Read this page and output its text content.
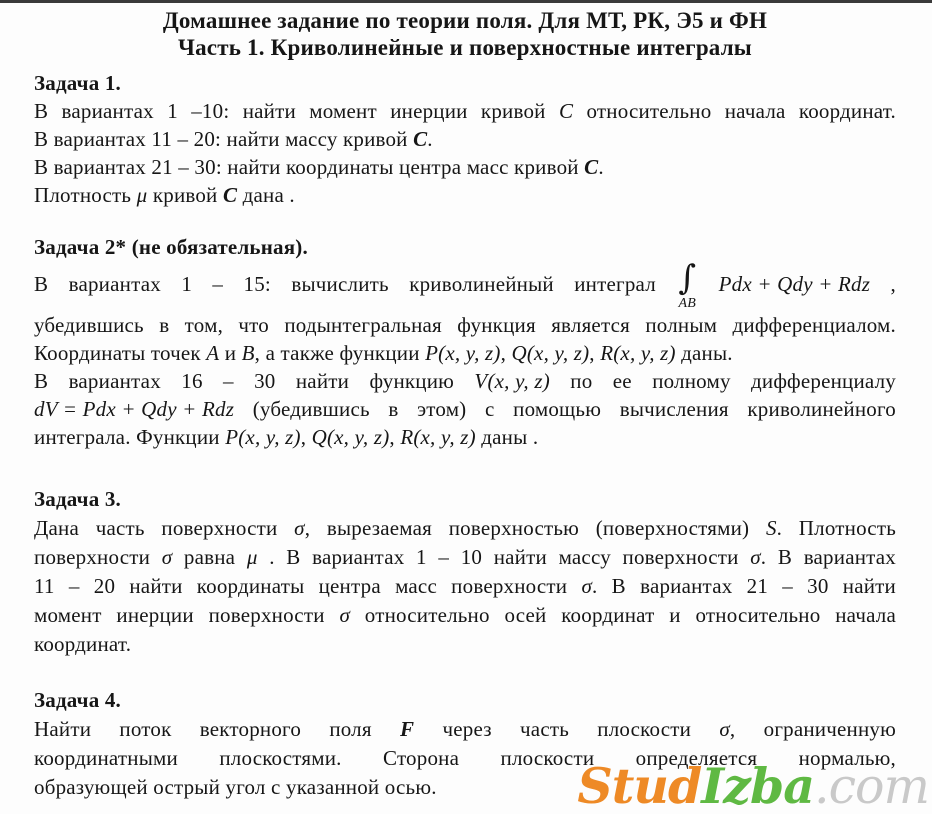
Домашнее задание по теории поля. Для МТ, РК, Э5 и ФН
Часть 1. Криволинейные и поверхностные интегралы

Задача 1.

В вариантах 1 –10: найти момент инерции кривой C относительно начала координат.

В вариантах 11 – 20: найти массу кривой C.

В вариантах 21 – 30: найти координаты центра масс кривой C.

Плотность μ кривой C дана .

Задача 2* (не обязательная).

В вариантах 1 – 15: вычислить криволинейный интеграл ∫
AB
Pdx + Qdy + Rdz ,

убедившись в том, что подынтегральная функция является полным дифференциалом.

Координаты точек A и B, а также функции P(x, y, z), Q(x, y, z), R(x, y, z) даны.

В вариантах 16 – 30 найти функцию V(x, y, z) по ее полному дифференциалу

dV = Pdx + Qdy + Rdz (убедившись в этом) с помощью вычисления криволинейного

интеграла. Функции P(x, y, z), Q(x, y, z), R(x, y, z) даны .

Задача 3.

Дана часть поверхности σ, вырезаемая поверхностью (поверхностями) S. Плотность

поверхности σ равна μ . В вариантах 1 – 10 найти массу поверхности σ. В вариантах

11 – 20 найти координаты центра масс поверхности σ. В вариантах 21 – 30 найти

момент инерции поверхности σ относительно осей координат и относительно начала

координат.

Задача 4.

Найти поток векторного поля F через часть плоскости σ, ограниченную

координатными плоскостями. Сторона плоскости определяется нормалью,

образующей острый угол с указанной осью.	StudIzba.com
